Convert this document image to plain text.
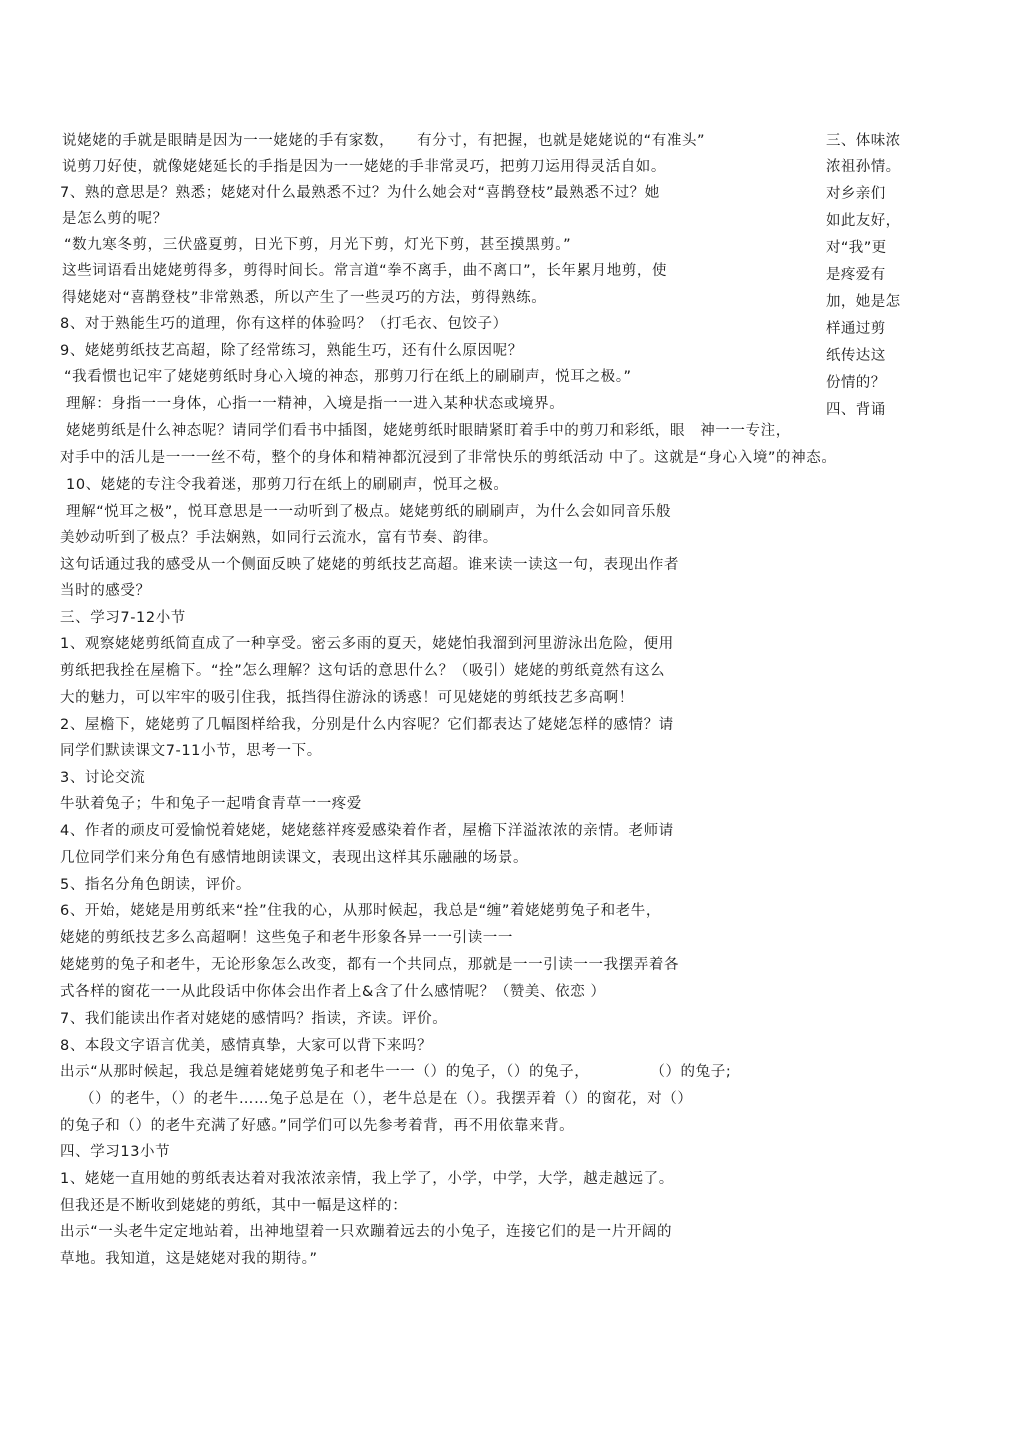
说姥姥的手就是眼睛是因为一一姥姥的手有家数，　　有分寸，有把握，也就是姥姥说的“有准头”
说剪刀好使，就像姥姥延长的手指是因为一一姥姥的手非常灵巧，把剪刀运用得灵活自如。
7、熟的意思是？熟悉；姥姥对什么最熟悉不过？为什么她会对“喜鹊登枝”最熟悉不过？她
是怎么剪的呢？
“数九寒冬剪，三伏盛夏剪，日光下剪，月光下剪，灯光下剪，甚至摸黑剪。”
这些词语看出姥姥剪得多，剪得时间长。常言道“拳不离手，曲不离口”，长年累月地剪，使
得姥姥对“喜鹊登枝”非常熟悉，所以产生了一些灵巧的方法，剪得熟练。
8、对于熟能生巧的道理，你有这样的体验吗？（打毛衣、包饺子）
9、姥姥剪纸技艺高超，除了经常练习，熟能生巧，还有什么原因呢？
“我看惯也记牢了姥姥剪纸时身心入境的神态，那剪刀行在纸上的刷刷声，悦耳之极。”
理解：身指一一身体，心指一一精神，入境是指一一进入某种状态或境界。
姥姥剪纸是什么神态呢？请同学们看书中插图，姥姥剪纸时眼睛紧盯着手中的剪刀和彩纸，眼　神一一专注，
对手中的活儿是一一一丝不苟，整个的身体和精神都沉浸到了非常快乐的剪纸活动 中了。这就是“身心入境”的神态。
10、姥姥的专注令我着迷，那剪刀行在纸上的刷刷声，悦耳之极。
理解“悦耳之极”，悦耳意思是一一动听到了极点。姥姥剪纸的刷刷声，为什么会如同音乐般
美妙动听到了极点？手法娴熟，如同行云流水，富有节奏、韵律。
这句话通过我的感受从一个侧面反映了姥姥的剪纸技艺高超。谁来读一读这一句，表现出作者
当时的感受？
三、学习7-12小节
1、观察姥姥剪纸简直成了一种享受。密云多雨的夏天，姥姥怕我溜到河里游泳出危险，便用
剪纸把我拴在屋檐下。“拴”怎么理解？这句话的意思什么？（吸引）姥姥的剪纸竟然有这么
大的魅力，可以牢牢的吸引住我，抵挡得住游泳的诱惑！可见姥姥的剪纸技艺多高啊！
2、屋檐下，姥姥剪了几幅图样给我，分别是什么内容呢？它们都表达了姥姥怎样的感情？请
同学们默读课文7-11小节，思考一下。
3、讨论交流
牛驮着兔子；牛和兔子一起啃食青草一一疼爱
4、作者的顽皮可爱愉悦着姥姥，姥姥慈祥疼爱感染着作者，屋檐下洋溢浓浓的亲情。老师请
几位同学们来分角色有感情地朗读课文，表现出这样其乐融融的场景。
5、指名分角色朗读，评价。
6、开始，姥姥是用剪纸来“拴”住我的心，从那时候起，我总是“缠”着姥姥剪兔子和老牛，
姥姥的剪纸技艺多么高超啊！这些兔子和老牛形象各异一一引读一一
姥姥剪的兔子和老牛，无论形象怎么改变，都有一个共同点，那就是一一引读一一我摆弄着各
式各样的窗花一一从此段话中你体会出作者上&含了什么感情呢？（赞美、依恋 ）
7、我们能读出作者对姥姥的感情吗？指读，齐读。评价。
8、本段文字语言优美，感情真挚，大家可以背下来吗？
出示“从那时候起，我总是缠着姥姥剪兔子和老牛一一（）的兔子，（）的兔子，　　　　　（）的兔子;
（）的老牛，（）的老牛……兔子总是在（），老牛总是在（）。我摆弄着（）的窗花，对（）
的兔子和（）的老牛充满了好感。”同学们可以先参考着背，再不用依靠来背。
四、学习13小节
1、姥姥一直用她的剪纸表达着对我浓浓亲情，我上学了，小学，中学，大学，越走越远了。
但我还是不断收到姥姥的剪纸，其中一幅是这样的：
出示“一头老牛定定地站着，出神地望着一只欢蹦着远去的小兔子，连接它们的是一片开阔的
草地。我知道，这是姥姥对我的期待。”
三、体味浓
浓祖孙情。
对乡亲们
如此友好，
对“我”更
是疼爱有
加，她是怎
样通过剪
纸传达这
份情的？
四、背诵
